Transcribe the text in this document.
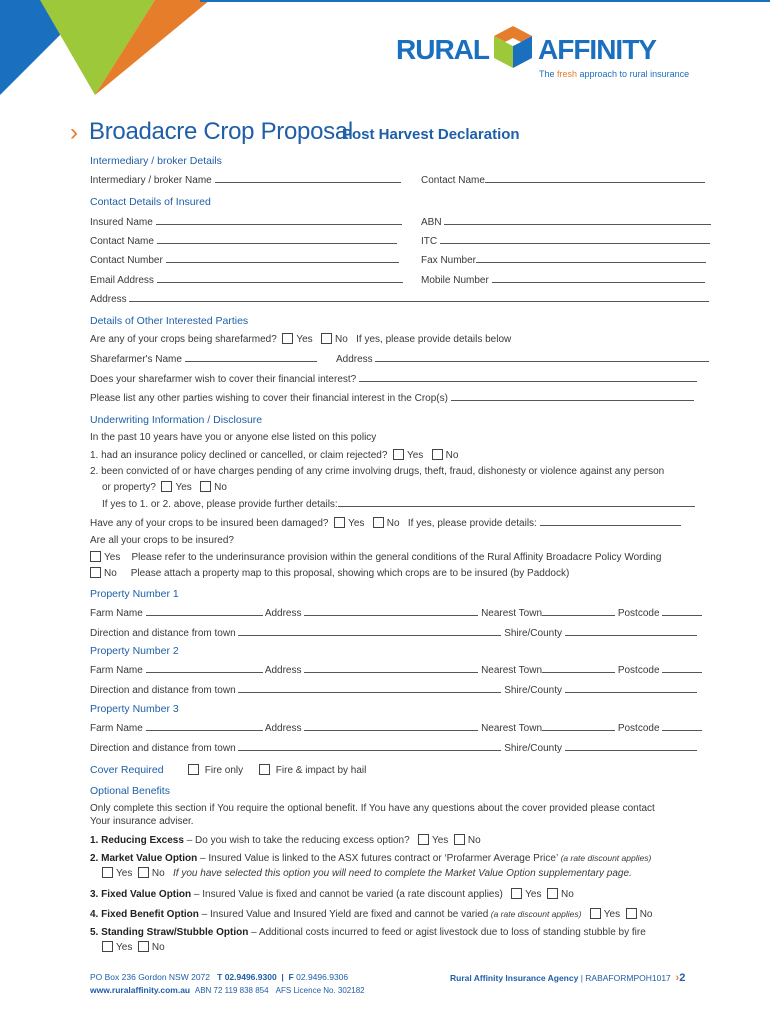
RURAL AFFINITY
The fresh approach to rural insurance
› Broadacre Crop Proposal
Post Harvest Declaration
Intermediary / broker Details
Intermediary / broker Name	Contact Name
Contact Details of Insured
Insured Name	ABN
Contact Name	ITC
Contact Number	Fax Number
Email Address	Mobile Number
Address
Details of Other Interested Parties
Are any of your crops being sharefarmed? Yes No If yes, please provide details below
Sharefarmer's Name	Address
Does your sharefarmer wish to cover their financial interest?
Please list any other parties wishing to cover their financial interest in the Crop(s)
Underwriting Information / Disclosure
In the past 10 years have you or anyone else listed on this policy
1. had an insurance policy declined or cancelled, or claim rejected? Yes No
2. been convicted of or have charges pending of any crime involving drugs, theft, fraud, dishonesty or violence against any person
or property? Yes No
If yes to 1. or 2. above, please provide further details:
Have any of your crops to be insured been damaged? Yes No If yes, please provide details:
Are all your crops to be insured?
Yes Please refer to the underinsurance provision within the general conditions of the Rural Affinity Broadacre Policy Wording
No Please attach a property map to this proposal, showing which crops are to be insured (by Paddock)
Property Number 1
Farm Name	Address	Nearest Town	Postcode
Direction and distance from town	Shire/County
Property Number 2
Farm Name	Address	Nearest Town	Postcode
Direction and distance from town	Shire/County
Property Number 3
Farm Name	Address	Nearest Town	Postcode
Direction and distance from town	Shire/County
Cover Required	Fire only	Fire & impact by hail
Optional Benefits
Only complete this section if You require the optional benefit. If You have any questions about the cover provided please contact
Your insurance adviser.
1. Reducing Excess – Do you wish to take the reducing excess option? Yes No
2. Market Value Option – Insured Value is linked to the ASX futures contract or ‘Profarmer Average Price’ (a rate discount applies)
Yes No If you have selected this option you will need to complete the Market Value Option supplementary page.
3. Fixed Value Option – Insured Value is fixed and cannot be varied (a rate discount applies) Yes No
4. Fixed Benefit Option – Insured Value and Insured Yield are fixed and cannot be varied (a rate discount applies) Yes No
5. Standing Straw/Stubble Option – Additional costs incurred to feed or agist livestock due to loss of standing stubble by fire
Yes No
PO Box 236 Gordon NSW 2072 T 02.9496.9300 | F 02.9496.9306
www.ruralaffinity.com.au ABN 72 119 838 854 AFS Licence No. 302182
Rural Affinity Insurance Agency | RABAFORMPOH1017 ›2
